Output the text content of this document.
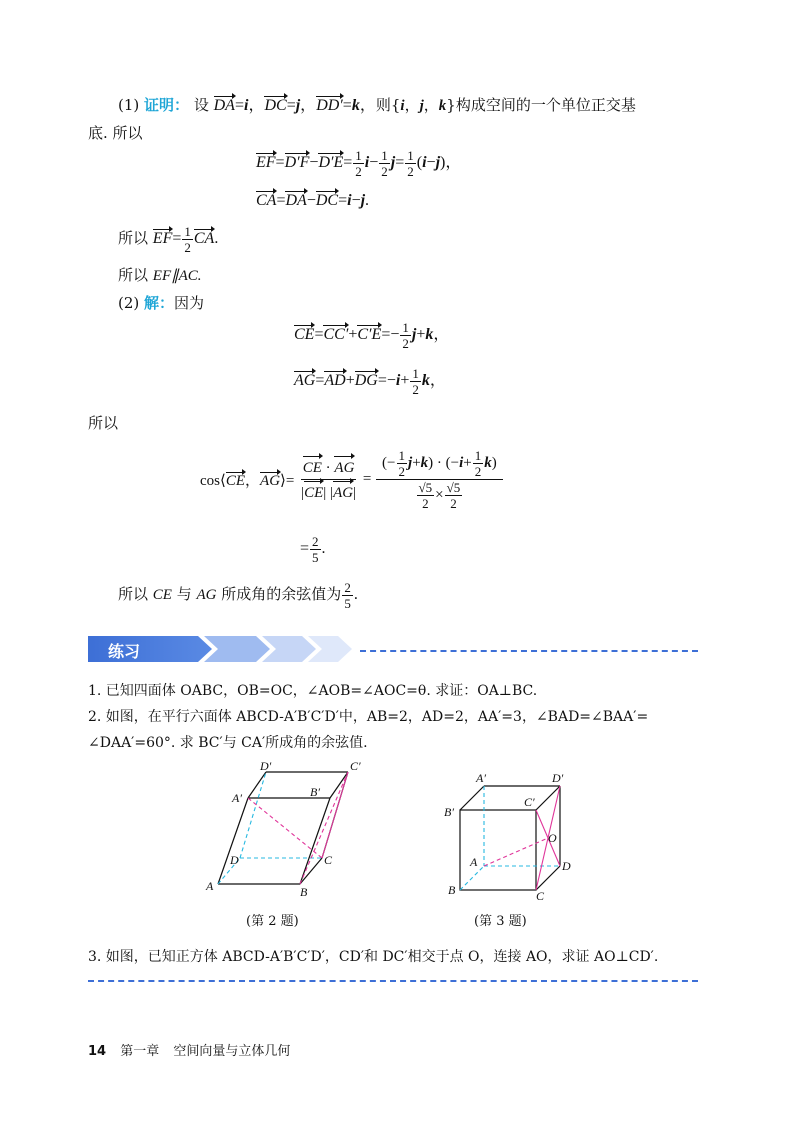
(1) 证明： 设 DA=i，DC=j，DD′=k，则{i，j，k}构成空间的一个单位正交基
底. 所以
$EF=D'F-D'E= \frac{1}{2} i- \frac{1}{2} j= \frac{1}{2} (i-j)$，
CA=DA−DC=i−j.
所以 $EF= \frac{1}{2}$ CA.
所以 EF∥AC.
(2) 解：因为
$CE=CC'+C'E=- \frac{1}{2} j+k$，
$AG=AD+DG=-i+ \frac{1}{2}$ k，
所以
cos⟨CE，AG⟩= $\frac{CE \cdot AG}{|CE| |AG|} = \frac{(- \frac{1}{2} j+k) \cdot (-i+ \frac{1}{2} k)}{\frac{√5}{2} \times \frac{√5}{2}}$
= $\frac{2}{5}$ .
所以 CE 与 AG 所成角的余弦值为 $\frac{2}{5}$ .
练习
1. 已知四面体 OABC，OB=OC，∠AOB=∠AOC=θ. 求证：OA⊥BC.
2. 如图，在平行六面体 ABCD-A′B′C′D′中，AB=2，AD=2，AA′=3，∠BAD=∠BAA′=
∠DAA′=60°. 求 BC′与 CA′所成角的余弦值.
D′	C′
A′	B′
D	C
A	B
(第 2 题)
A′	D′
B′
C′
O
A	D
B	C
(第 3 题)
3. 如图，已知正方体 ABCD-A′B′C′D′，CD′和 DC′相交于点 O，连接 AO，求证 AO⊥CD′.
14 第一章 空间向量与立体几何
